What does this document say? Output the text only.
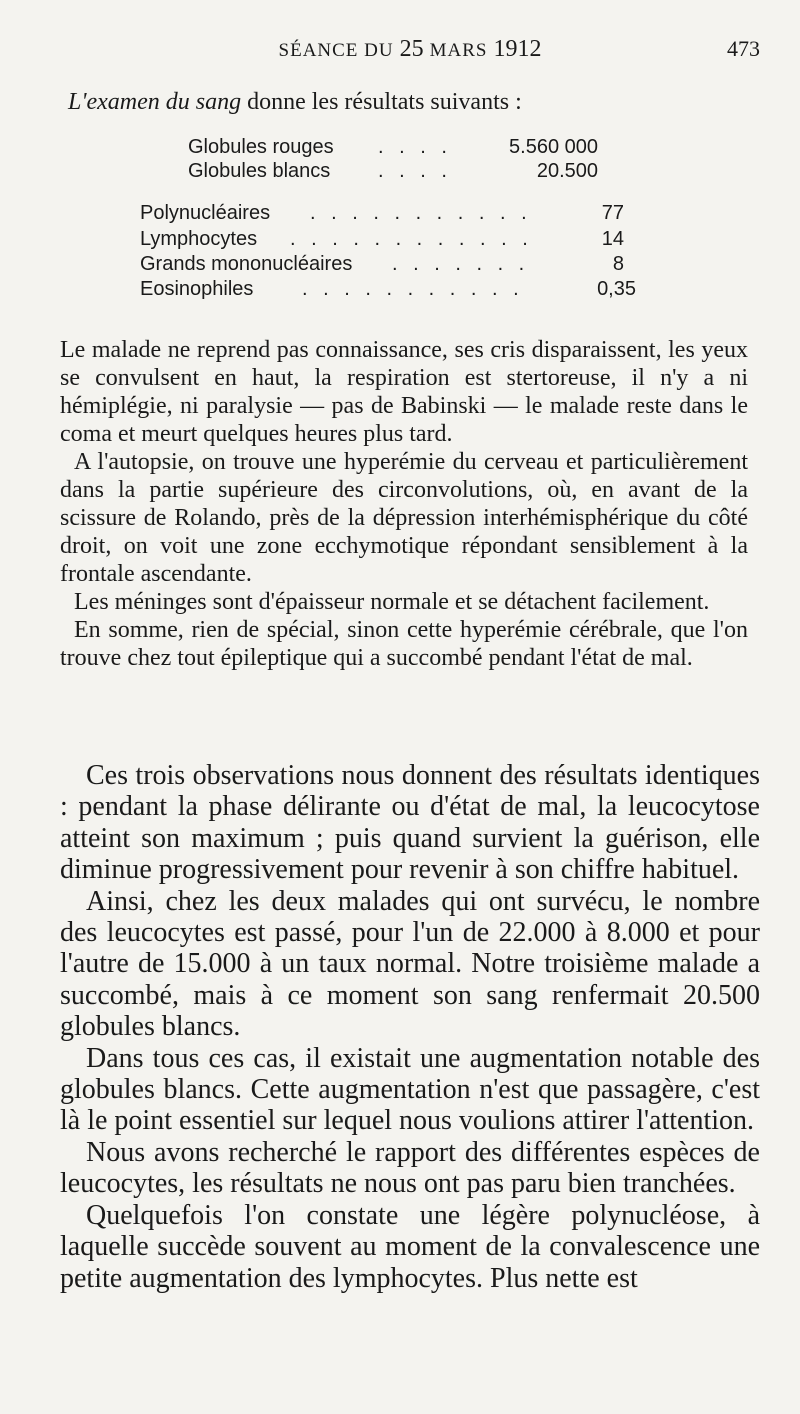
SÉANCE DU 25 MARS 1912	473
L'examen du sang donne les résultats suivants :
Globules rouges . . . .	5.560 000
Globules blancs . . . .	20.500
Polynucléaires . . . . . . . . . . .	77
Lymphocytes . . . . . . . . . . . .	14
Grands mononucléaires . . . . . . .	8
Eosinophiles . . . . . . . . . . .	0,35

Le malade ne reprend pas connaissance, ses cris disparaissent, les yeux se convulsent en haut, la respiration est stertoreuse, il n'y a ni hémiplégie, ni paralysie — pas de Babinski — le malade reste dans le coma et meurt quelques heures plus tard.

A l'autopsie, on trouve une hyperémie du cerveau et particulièrement dans la partie supérieure des circonvolutions, où, en avant de la scissure de Rolando, près de la dépression interhémisphérique du côté droit, on voit une zone ecchymotique répondant sensiblement à la frontale ascendante.

Les méninges sont d'épaisseur normale et se détachent facilement.

En somme, rien de spécial, sinon cette hyperémie cérébrale, que l'on trouve chez tout épileptique qui a succombé pendant l'état de mal.

Ces trois observations nous donnent des résultats identiques : pendant la phase délirante ou d'état de mal, la leucocytose atteint son maximum ; puis quand survient la guérison, elle diminue progressivement pour revenir à son chiffre habituel.

Ainsi, chez les deux malades qui ont survécu, le nombre des leucocytes est passé, pour l'un de 22.000 à 8.000 et pour l'autre de 15.000 à un taux normal. Notre troisième malade a succombé, mais à ce moment son sang renfermait 20.500 globules blancs.

Dans tous ces cas, il existait une augmentation notable des globules blancs. Cette augmentation n'est que passagère, c'est là le point essentiel sur lequel nous voulions attirer l'attention.

Nous avons recherché le rapport des différentes espèces de leucocytes, les résultats ne nous ont pas paru bien tranchées.

Quelquefois l'on constate une légère polynucléose, à laquelle succède souvent au moment de la convalescence une petite augmentation des lymphocytes. Plus nette est
